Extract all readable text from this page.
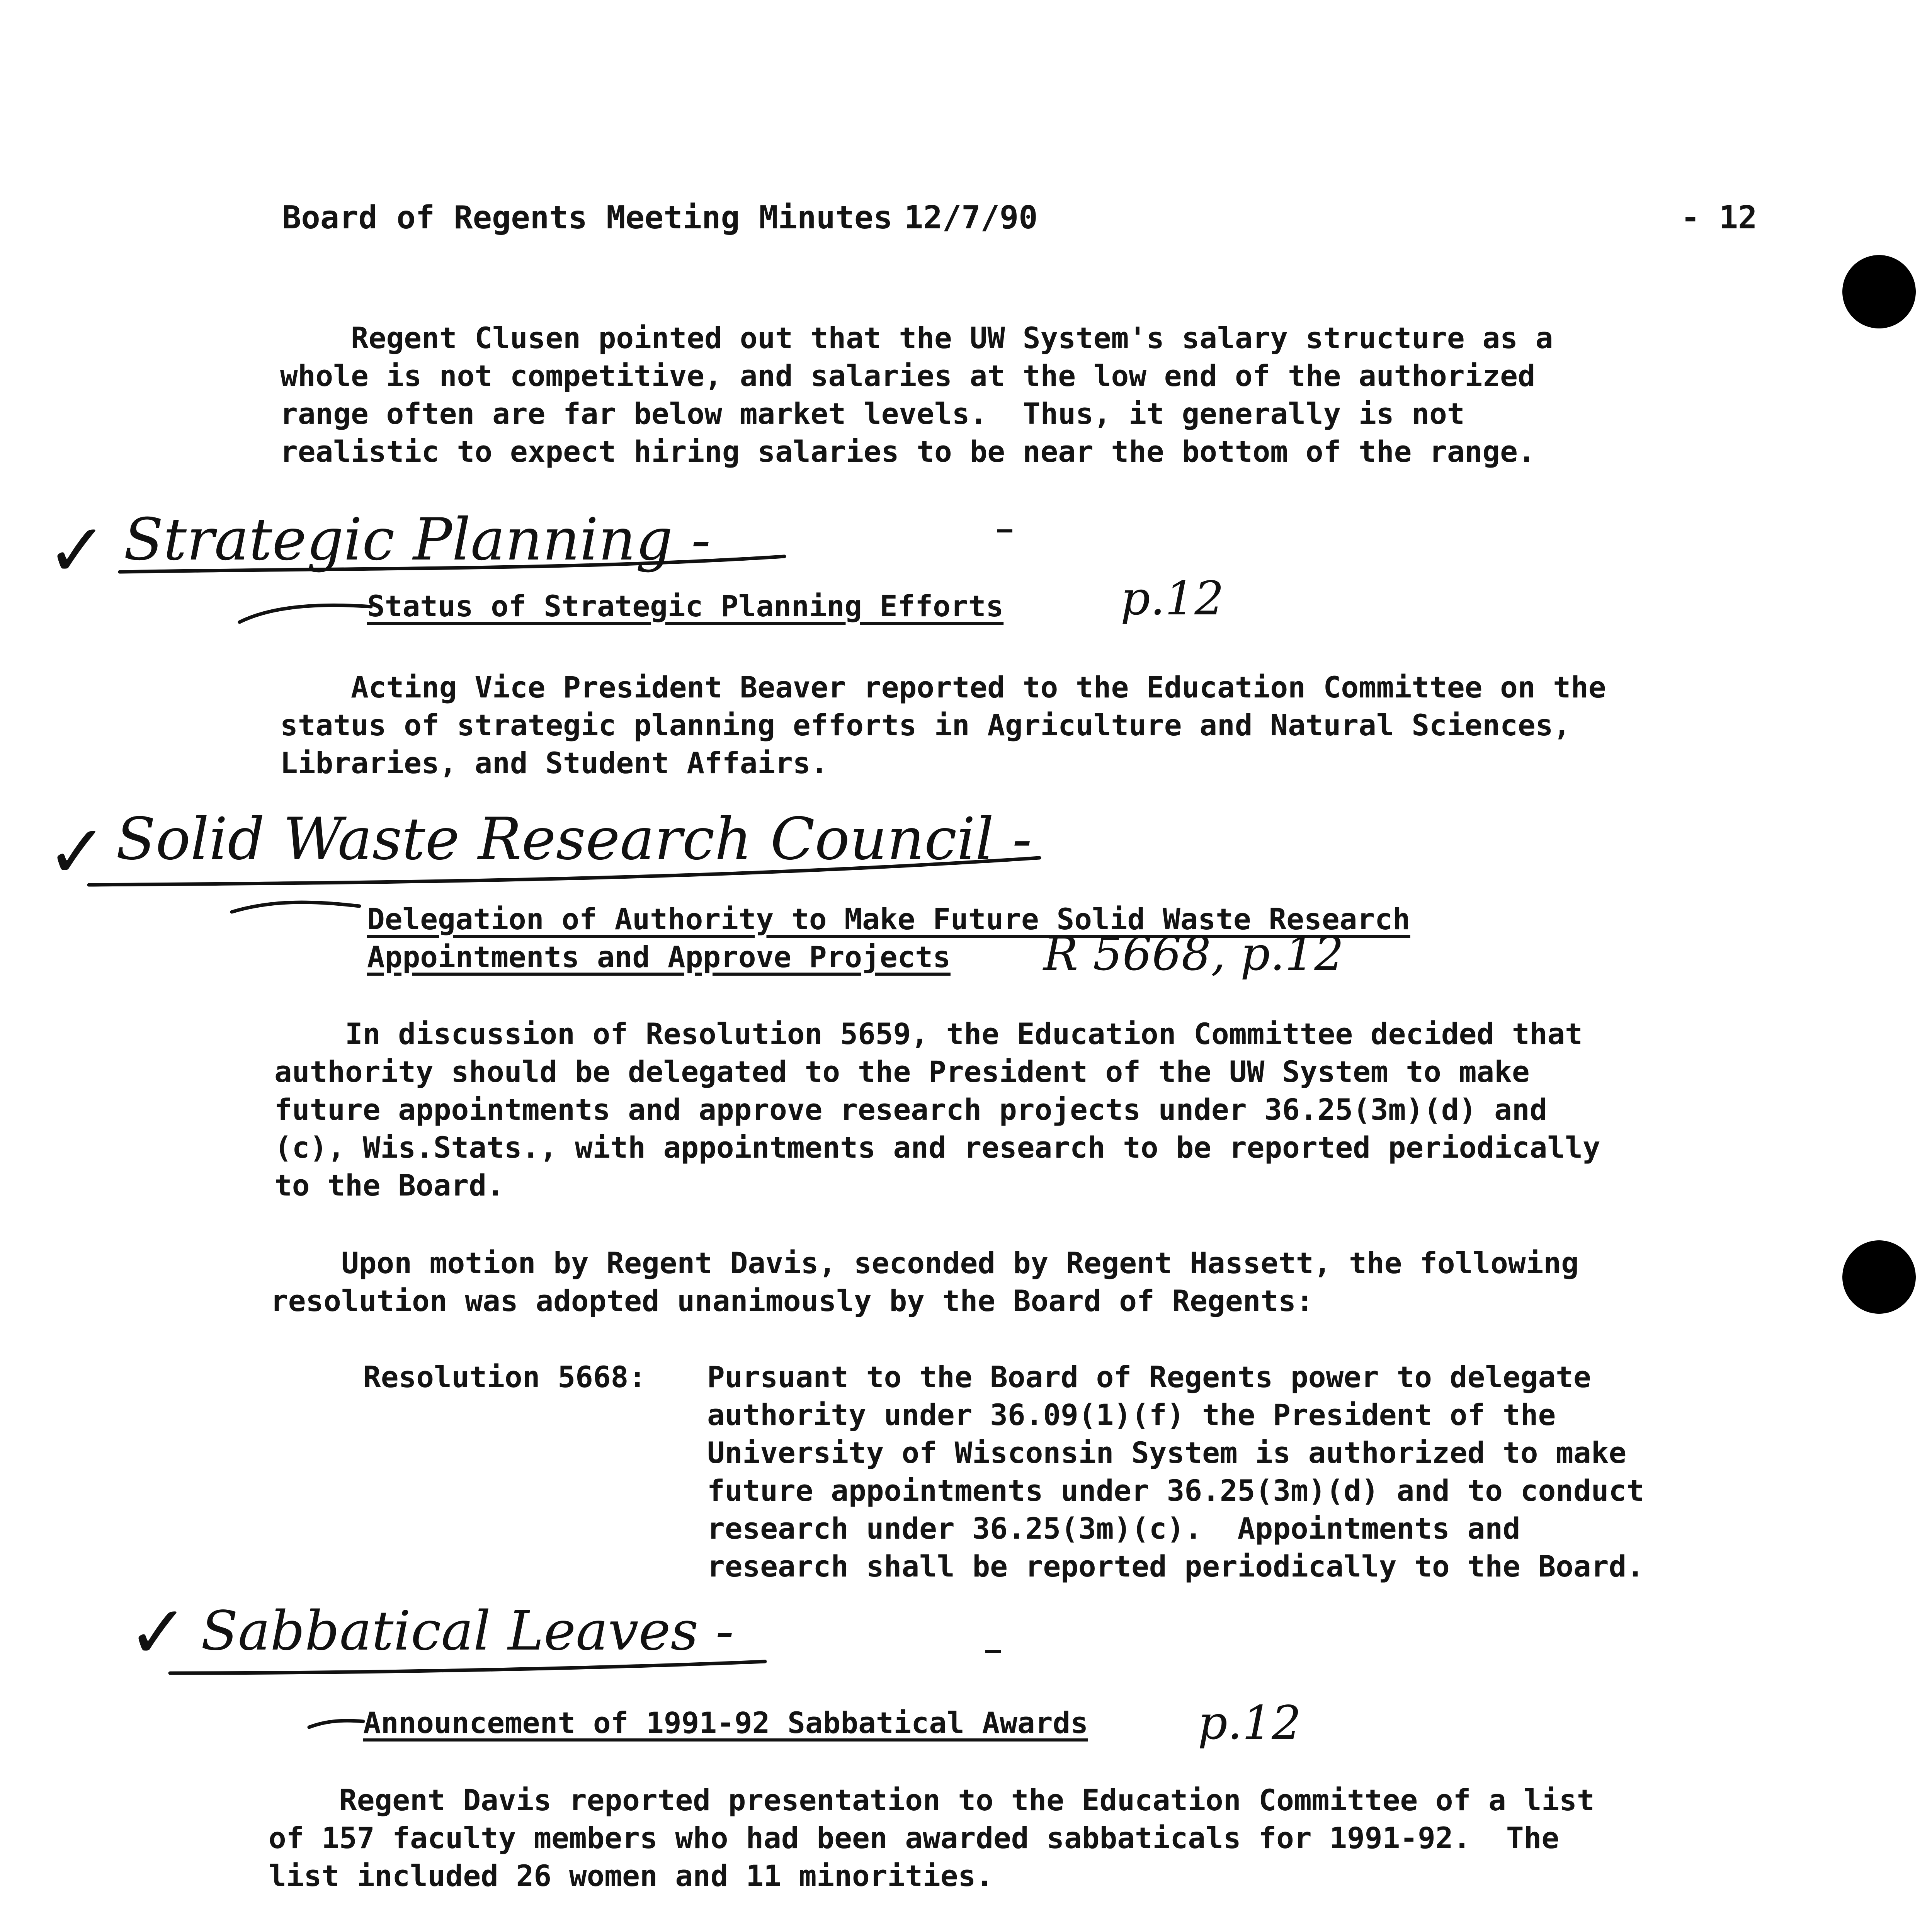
Board of Regents Meeting Minutes 12/7/90	- 12
Regent Clusen pointed out that the UW System's salary structure as a
whole is not competitive, and salaries at the low end of the authorized
range often are far below market levels.  Thus, it generally is not
realistic to expect hiring salaries to be near the bottom of the range.
✓ Strategic Planning -
Status of Strategic Planning Efforts	p.12
Acting Vice President Beaver reported to the Education Committee on the
status of strategic planning efforts in Agriculture and Natural Sciences,
Libraries, and Student Affairs.
✓ Solid Waste Research Council -
Delegation of Authority to Make Future Solid Waste Research
Appointments and Approve Projects R 5668, p.12
In discussion of Resolution 5659, the Education Committee decided that
authority should be delegated to the President of the UW System to make
future appointments and approve research projects under 36.25(3m)(d) and
(c), Wis.Stats., with appointments and research to be reported periodically
to the Board.
Upon motion by Regent Davis, seconded by Regent Hassett, the following
resolution was adopted unanimously by the Board of Regents:
Resolution 5668: Pursuant to the Board of Regents power to delegate
authority under 36.09(1)(f) the President of the
University of Wisconsin System is authorized to make
future appointments under 36.25(3m)(d) and to conduct
research under 36.25(3m)(c).  Appointments and
research shall be reported periodically to the Board.
✓ Sabbatical Leaves -
Announcement of 1991-92 Sabbatical Awards p.12
Regent Davis reported presentation to the Education Committee of a list
of 157 faculty members who had been awarded sabbaticals for 1991-92.  The
list included 26 women and 11 minorities.
